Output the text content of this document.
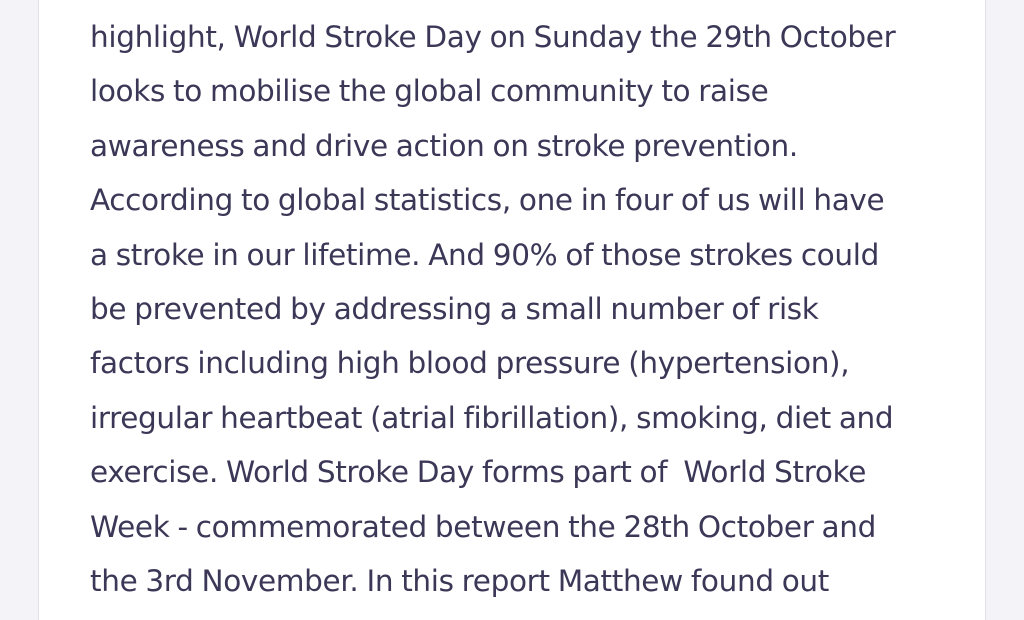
highlight, World Stroke Day on Sunday the 29th October
looks to mobilise the global community to raise
awareness and drive action on stroke prevention.
According to global statistics, one in four of us will have
a stroke in our lifetime. And 90% of those strokes could
be prevented by addressing a small number of risk
factors including high blood pressure (hypertension),
irregular heartbeat (atrial fibrillation), smoking, diet and
exercise. World Stroke Day forms part of  World Stroke
Week - commemorated between the 28th October and
the 3rd November. In this report Matthew found out
